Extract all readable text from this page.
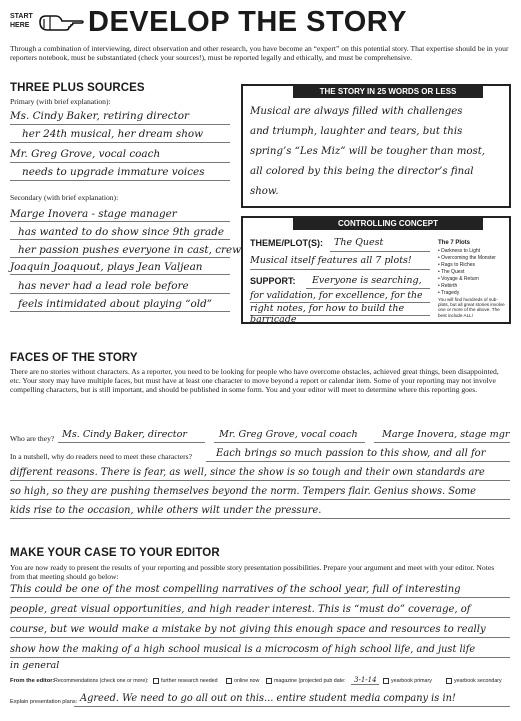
START
HERE DEVELOP THE STORY
Through a combination of interviewing, direct observation and other research, you have become an “expert” on this potential story. That expertise should be in your reporters notebook, must be substantiated (check your sources!), must be reported legally and ethically, and must be comprehensive.
THREE PLUS SOURCES
Primary (with brief explanation):
Ms. Cindy Baker, retiring director
her 24th musical, her dream show
Mr. Greg Grove, vocal coach
needs to upgrade immature voices
Secondary (with brief explanation):
Marge Inovera - stage manager
has wanted to do show since 9th grade
her passion pushes everyone in cast, crew
Joaquin Joaquout, plays Jean Valjean
has never had a lead role before
feels intimidated about playing “old”
THE STORY IN 25 WORDS OR LESS
Musical are always filled with challenges
and triumph, laughter and tears, but this
spring’s “Les Miz” will be tougher than most,
all colored by this being the director’s final
show.
CONTROLLING CONCEPT
THEME/PLOT(S): The Quest
Musical itself features all 7 plots!
SUPPORT: Everyone is searching,
for validation, for excellence, for the
right notes, for how to build the
barricade
The 7 Plots
• Darkness to Light
• Overcoming the Monster
• Rags to Riches
• The Quest
• Voyage & Return
• Rebirth
• Tragedy
You will find hundreds of sub-plots, but all great stories involve one or more of the above. The best include ALL!
FACES OF THE STORY
There are no stories without characters. As a reporter, you need to be looking for people who have overcome obstacles, achieved great things, been disappointed, etc. Your story may have multiple faces, but must have at least one character to move beyond a report or calendar item. Some of your reporting may not involve compelling characters, but is still important, and should be published in some form. You and your editor will meet to determine where this reporting goes.
Who are they? Ms. Cindy Baker, director	Mr. Greg Grove, vocal coach	Marge Inovera, stage mgr
In a nutshell, why do readers need to meet these characters? Each brings so much passion to this show, and all for
different reasons. There is fear, as well, since the show is so tough and their own standards are
so high, so they are pushing themselves beyond the norm. Tempers flair. Genius shows. Some
kids rise to the occasion, while others wilt under the pressure.
MAKE YOUR CASE TO YOUR EDITOR
You are now ready to present the results of your reporting and possible story presentation possibilities. Prepare your argument and meet with your editor. Notes from that meeting should go below:
This could be one of the most compelling narratives of the school year, full of interesting
people, great visual opportunities, and high reader interest. This is “must do” coverage, of
course, but we would make a mistake by not giving this enough space and resources to really
show how the making of a high school musical is a microcosm of high school life, and just life
in general
From the editor: Recommendations (check one or more): further research needed	online now	magazine (projected pub date: 3-1-14	yearbook primary	yearbook secondary
Explain presentation plans: Agreed. We need to go all out on this... entire student media company is in!
